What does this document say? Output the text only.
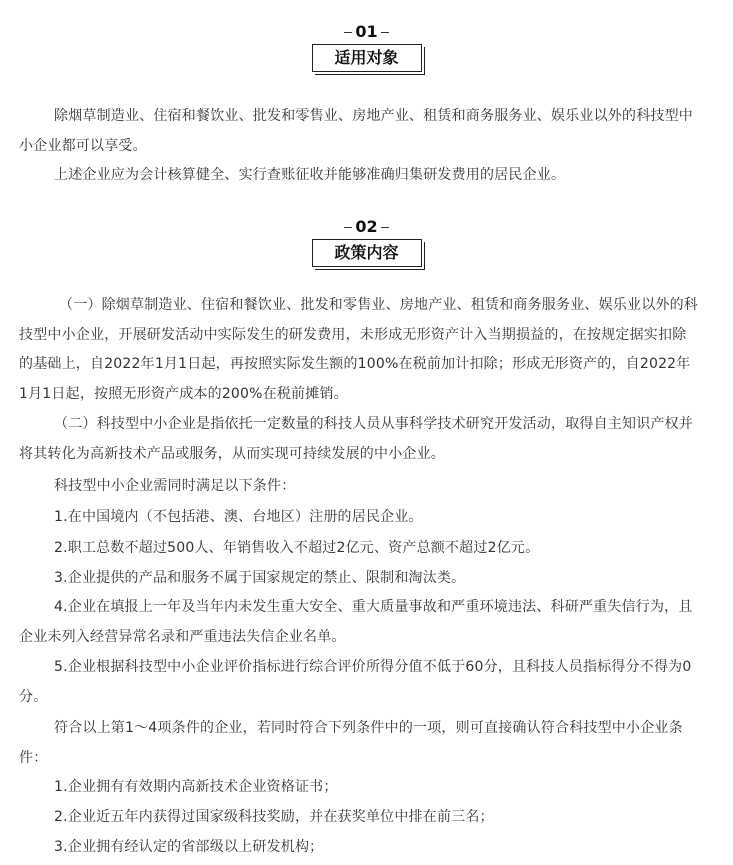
01
适用对象

除烟草制造业、住宿和餐饮业、批发和零售业、房地产业、租赁和商务服务业、娱乐业以外的科技型中小企业都可以享受。

上述企业应为会计核算健全、实行查账征收并能够准确归集研发费用的居民企业。

02
政策内容

（一）除烟草制造业、住宿和餐饮业、批发和零售业、房地产业、租赁和商务服务业、娱乐业以外的科技型中小企业，开展研发活动中实际发生的研发费用，未形成无形资产计入当期损益的，在按规定据实扣除的基础上，自2022年1月1日起，再按照实际发生额的100%在税前加计扣除；形成无形资产的，自2022年1月1日起，按照无形资产成本的200%在税前摊销。

（二）科技型中小企业是指依托一定数量的科技人员从事科学技术研究开发活动，取得自主知识产权并将其转化为高新技术产品或服务，从而实现可持续发展的中小企业。

科技型中小企业需同时满足以下条件：

1.在中国境内（不包括港、澳、台地区）注册的居民企业。

2.职工总数不超过500人、年销售收入不超过2亿元、资产总额不超过2亿元。

3.企业提供的产品和服务不属于国家规定的禁止、限制和淘汰类。

4.企业在填报上一年及当年内未发生重大安全、重大质量事故和严重环境违法、科研严重失信行为，且企业未列入经营异常名录和严重违法失信企业名单。

5.企业根据科技型中小企业评价指标进行综合评价所得分值不低于60分，且科技人员指标得分不得为0分。

符合以上第1～4项条件的企业，若同时符合下列条件中的一项，则可直接确认符合科技型中小企业条件：

1.企业拥有有效期内高新技术企业资格证书；

2.企业近五年内获得过国家级科技奖励，并在获奖单位中排在前三名；

3.企业拥有经认定的省部级以上研发机构；
